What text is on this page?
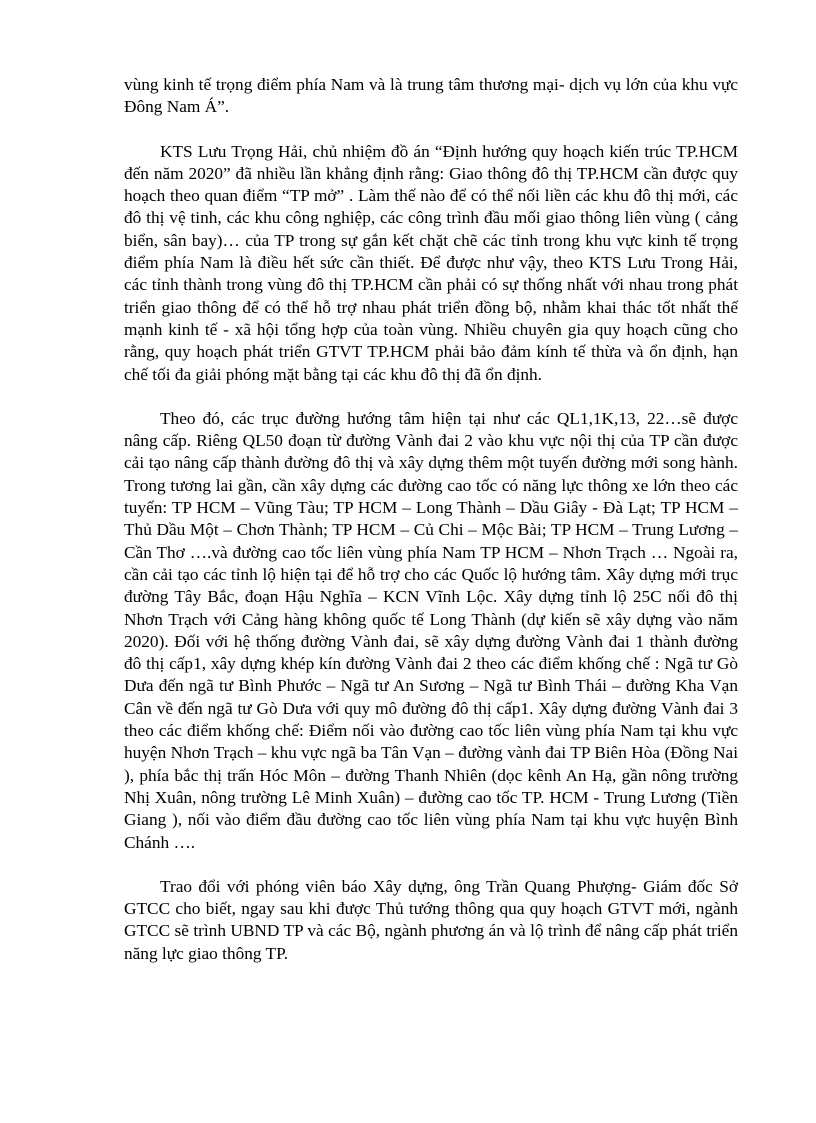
vùng kinh tế trọng điểm phía Nam và là trung tâm thương mại- dịch vụ lớn của khu vực Đông Nam Á”.

KTS Lưu Trọng Hải, chủ nhiệm đồ án “Định hướng quy hoạch kiến trúc TP.HCM đến năm 2020” đã nhiều lần khẳng định rằng: Giao thông đô thị TP.HCM cần được quy hoạch theo quan điểm “TP mở” . Làm thế nào để có thể nối liền các khu đô thị mới, các đô thị vệ tinh, các khu công nghiệp, các công trình đầu mối giao thông liên vùng ( cảng biển, sân bay)… của TP trong sự gắn kết chặt chẽ các tỉnh trong khu vực kinh tế trọng điểm phía Nam là điều hết sức cần thiết. Để được như vậy, theo KTS Lưu Trong Hải, các tỉnh thành trong vùng đô thị TP.HCM cần phải có sự thống nhất với nhau trong phát triển giao thông để có thể hỗ trợ nhau phát triển đồng bộ, nhằm khai thác tốt nhất thế mạnh kinh tế - xã hội tổng hợp của toàn vùng. Nhiều chuyên gia quy hoạch cũng cho rằng, quy hoạch phát triển GTVT TP.HCM phải bảo đảm kính tế thừa và ổn định, hạn chế tối đa giải phóng mặt bằng tại các khu đô thị đã ổn định.

Theo đó, các trục đường hướng tâm hiện tại như các QL1,1K,13, 22…sẽ được nâng cấp. Riêng QL50 đoạn từ đường Vành đai 2 vào khu vực nội thị của TP cần được cải tạo nâng cấp thành đường đô thị và xây dựng thêm một tuyến đường mới song hành. Trong tương lai gần, cần xây dựng các đường cao tốc có năng lực thông xe lớn theo các tuyến: TP HCM – Vũng Tàu; TP HCM – Long Thành – Dầu Giây - Đà Lạt; TP HCM – Thủ Dầu Một – Chơn Thành; TP HCM – Củ Chi – Mộc Bài; TP HCM – Trung Lương – Cần Thơ ….và đường cao tốc liên vùng phía Nam TP HCM – Nhơn Trạch … Ngoài ra, cần cải tạo các tỉnh lộ hiện tại để hỗ trợ cho các Quốc lộ hướng tâm. Xây dựng mới trục đường Tây Bắc, đoạn Hậu Nghĩa – KCN Vĩnh Lộc. Xây dựng tỉnh lộ 25C nối đô thị Nhơn Trạch với Cảng hàng không quốc tế Long Thành (dự kiến sẽ xây dựng vào năm 2020). Đối với hệ thống đường Vành đai, sẽ xây dựng đường Vành đai 1 thành đường đô thị cấp1, xây dựng khép kín đường Vành đai 2 theo các điểm khống chế : Ngã tư Gò Dưa đến ngã tư Bình Phước – Ngã tư An Sương – Ngã tư Bình Thái – đường Kha Vạn Cân về đến ngã tư Gò Dưa với quy mô đường đô thị cấp1. Xây dựng đường Vành đai 3 theo các điểm khống chế: Điểm nối vào đường cao tốc liên vùng phía Nam tại khu vực huyện Nhơn Trạch – khu vực ngã ba Tân Vạn – đường vành đai TP Biên Hòa (Đồng Nai ), phía bắc thị trấn Hóc Môn – đường Thanh Nhiên (dọc kênh An Hạ, gần nông trường Nhị Xuân, nông trường Lê Minh Xuân) – đường cao tốc TP. HCM - Trung Lương (Tiền Giang ), nối vào điểm đầu đường cao tốc liên vùng phía Nam tại khu vực huyện Bình Chánh ….

Trao đổi với phóng viên báo Xây dựng, ông Trần Quang Phượng- Giám đốc Sở GTCC cho biết, ngay sau khi được Thủ tướng thông qua quy hoạch GTVT mới, ngành GTCC sẽ trình UBND TP và các Bộ, ngành phương án và lộ trình để nâng cấp phát triển năng lực giao thông TP.
